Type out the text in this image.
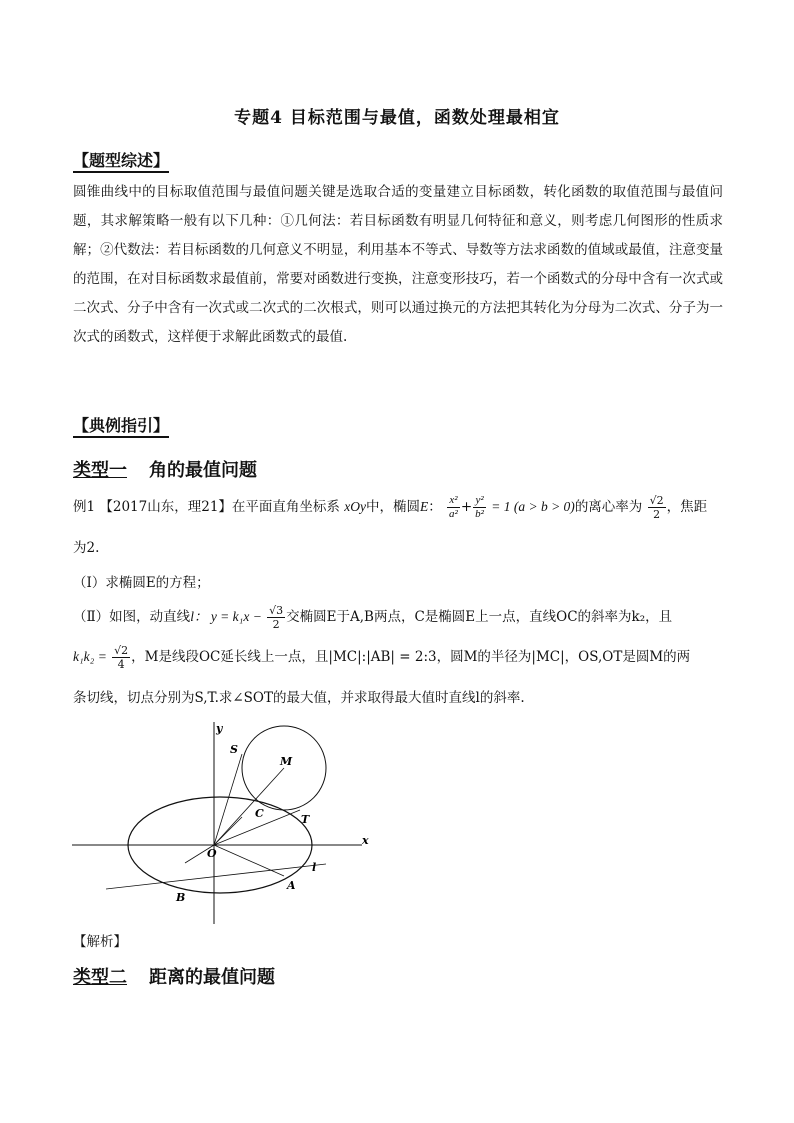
专题4 目标范围与最值，函数处理最相宜
【题型综述】
圆锥曲线中的目标取值范围与最值问题关键是选取合适的变量建立目标函数，转化函数的取值范围与最值问题，其求解策略一般有以下几种：①几何法：若目标函数有明显几何特征和意义，则考虑几何图形的性质求解；②代数法：若目标函数的几何意义不明显，利用基本不等式、导数等方法求函数的值域或最值，注意变量的范围，在对目标函数求最值前，常要对函数进行变换，注意变形技巧，若一个函数式的分母中含有一次式或二次式、分子中含有一次式或二次式的二次根式，则可以通过换元的方法把其转化为分母为二次式、分子为一次式的函数式，这样便于求解此函数式的最值.
【典例指引】
类型一 角的最值问题
例1 【2017山东，理21】在平面直角坐标系 xOy中，椭圆E： $\frac{\text{x²}}{\text{a²}} + \frac{\text{y²}}{\text{b²}} = 1$ (a > b > 0)的离心率为 $\frac{√2}{2}$ ，焦距
为2.
（Ⅰ）求椭圆E的方程；
（Ⅱ）如图，动直线l： $y = k_1x - \frac{√3}{2}$ 交椭圆E于A,B两点，C是椭圆E上一点，直线OC的斜率为k₂，且
$k_1k_2 = \frac{√2}{4}$ ，M是线段OC延长线上一点，且|MC|:|AB| = 2:3，圆M的半径为|MC|，OS,OT是圆M的两
条切线，切点分别为S,T.求∠SOT的最大值，并求取得最大值时直线l的斜率.
y
x
S
M
C	T
O
l
A
B
【解析】
类型二 距离的最值问题
